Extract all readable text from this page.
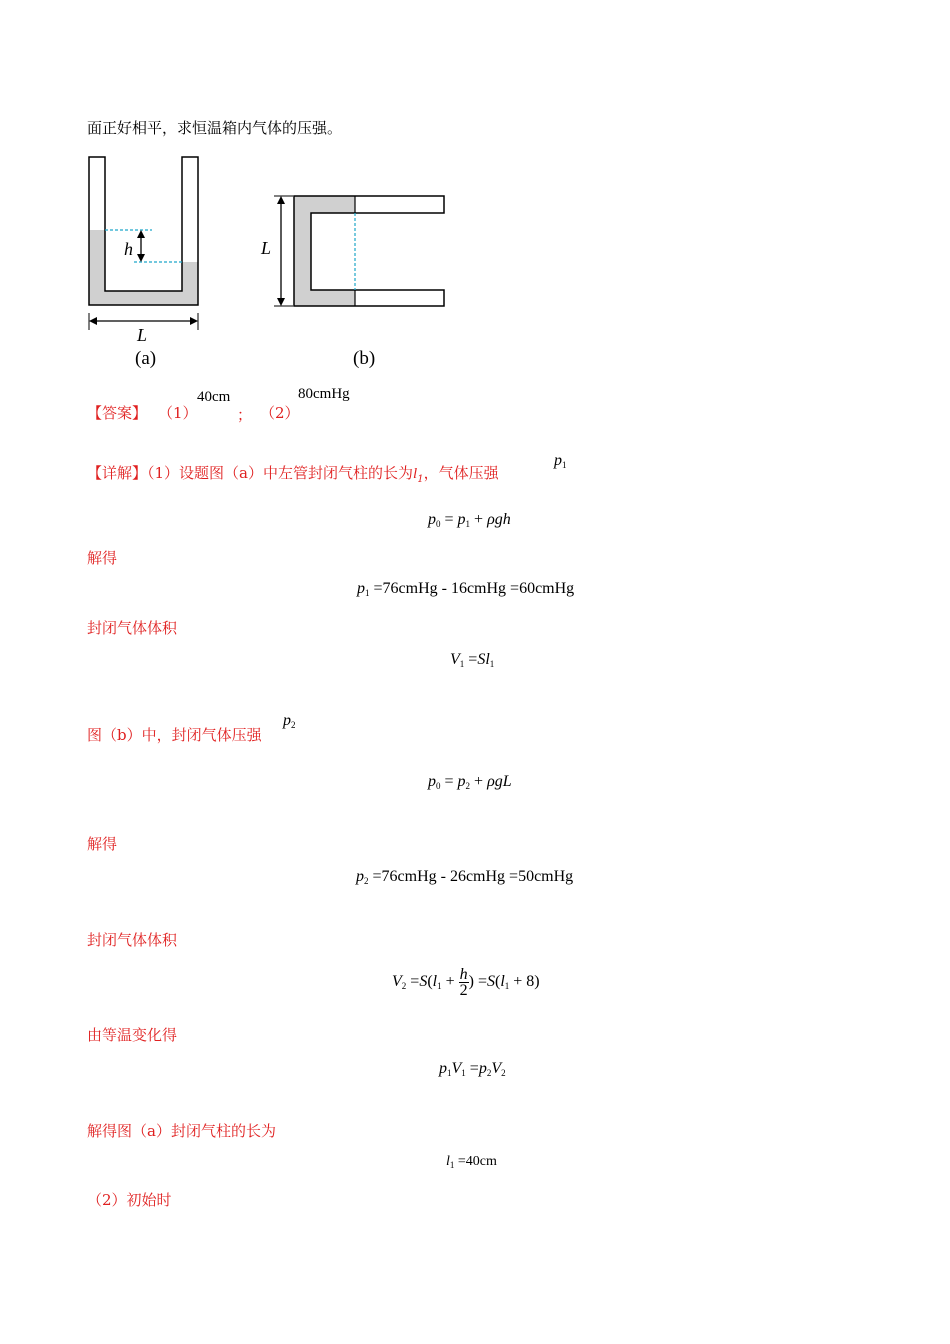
面正好相平，求恒温箱内气体的压强。
h
L
(a)
L
(b)
【答案】 （1）
40cm
； （2）
80cmHg
【详解】（1）设题图（a）中左管封闭气柱的长为$l_1$，气体压强
$p_1$
$p_0 = p_1 + \rho gh$
解得
$p_1$ =76cmHg - 16cmHg =60cmHg
封闭气体体积
$V_1 =Sl_1$
图（b）中，封闭气体压强
$p_2$
$p_0 = p_2 + \rho gL$
解得
$p_2$ =76cmHg - 26cmHg =50cmHg
封闭气体体积
$V_2 =S(l_1 + \frac{h}{2}$ ) $=S(l_1 + 8)$
由等温变化得
$p_1V_1 =p_2V_2$
解得图（a）封闭气柱的长为
$l_1 =40cm$
（2）初始时
